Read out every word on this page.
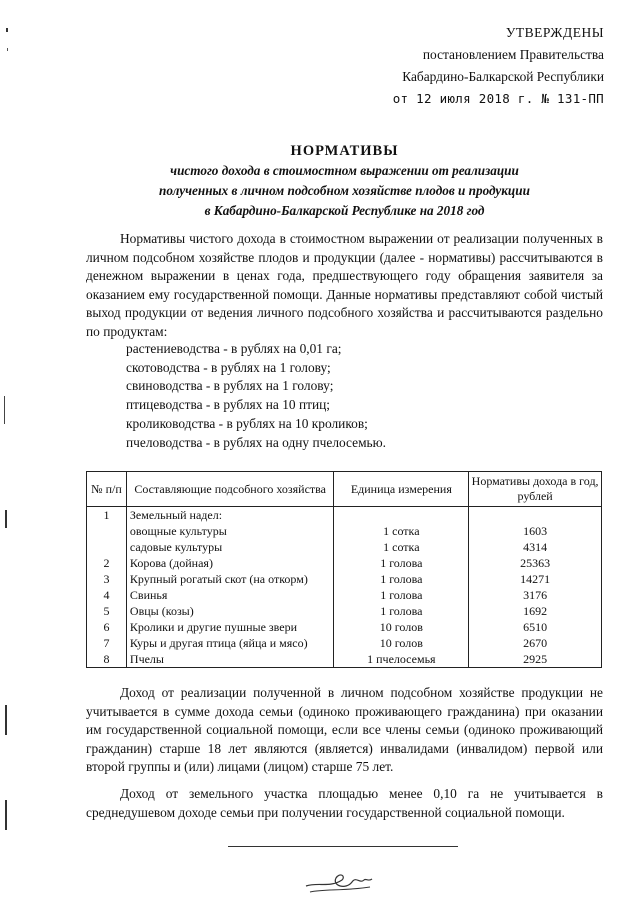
УТВЕРЖДЕНЫ
постановлением Правительства
Кабардино-Балкарской Республики
от 12 июля 2018 г. № 131-ПП
НОРМАТИВЫ
чистого дохода в стоимостном выражении от реализации
полученных в личном подсобном хозяйстве плодов и продукции
в Кабардино-Балкарской Республике на 2018 год
Нормативы чистого дохода в стоимостном выражении от реализации полученных в личном подсобном хозяйстве плодов и продукции (далее - нормативы) рассчитываются в денежном выражении в ценах года, предшествующего году обращения заявителя за оказанием ему государственной помощи. Данные нормативы представляют собой чистый выход продукции от ведения личного подсобного хозяйства и рассчитываются раздельно по продуктам:
растениеводства - в рублях на 0,01 га;
скотоводства - в рублях на 1 голову;
свиноводства - в рублях на 1 голову;
птицеводства - в рублях на 10 птиц;
кролиководства - в рублях на 10 кроликов;
пчеловодства - в рублях на одну пчелосемью.
№ п/п	Составляющие подсобного хозяйства	Единица измерения	Нормативы дохода в год, рублей
1	Земельный надел:		
	овощные культуры	1 сотка	1603
	садовые культуры	1 сотка	4314
2	Корова (дойная)	1 голова	25363
3	Крупный рогатый скот (на откорм)	1 голова	14271
4	Свинья	1 голова	3176
5	Овцы (козы)	1 голова	1692
6	Кролики и другие пушные звери	10 голов	6510
7	Куры и другая птица (яйца и мясо)	10 голов	2670
8	Пчелы	1 пчелосемья	2925
Доход от реализации полученной в личном подсобном хозяйстве продукции не учитывается в сумме дохода семьи (одиноко проживающего гражданина) при оказании им государственной социальной помощи, если все члены семьи (одиноко проживающий гражданин) старше 18 лет являются (является) инвалидами (инвалидом) первой или второй группы и (или) лицами (лицом) старше 75 лет.
Доход от земельного участка площадью менее 0,10 га не учитывается в среднедушевом доходе семьи при получении государственной социальной помощи.
